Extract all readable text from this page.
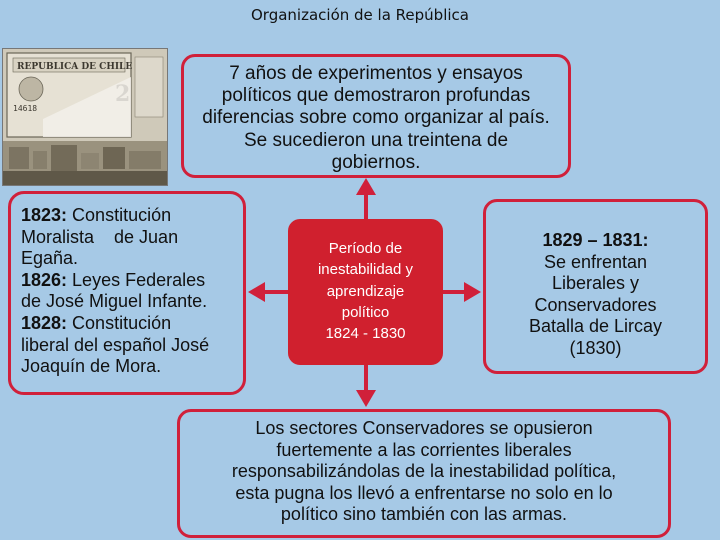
Organización de la República
REPUBLICA DE CHILE
14618
7 años de experimentos y ensayos
políticos que demostraron profundas
diferencias sobre como organizar al país.
Se sucedieron una treintena de
gobiernos.
1823: Constitución
Moralista    de Juan
Egaña.
1826: Leyes Federales
de José Miguel Infante.
1828: Constitución
liberal del español José
Joaquín de Mora.
Período de
inestabilidad y
aprendizaje
político
1824 - 1830
1829 – 1831:
Se enfrentan
Liberales y
Conservadores
Batalla de Lircay
(1830)
Los sectores Conservadores se opusieron
fuertemente a las corrientes liberales
responsabilizándolas de la inestabilidad política,
esta pugna los llevó a enfrentarse no solo en lo
político sino también con las armas.
